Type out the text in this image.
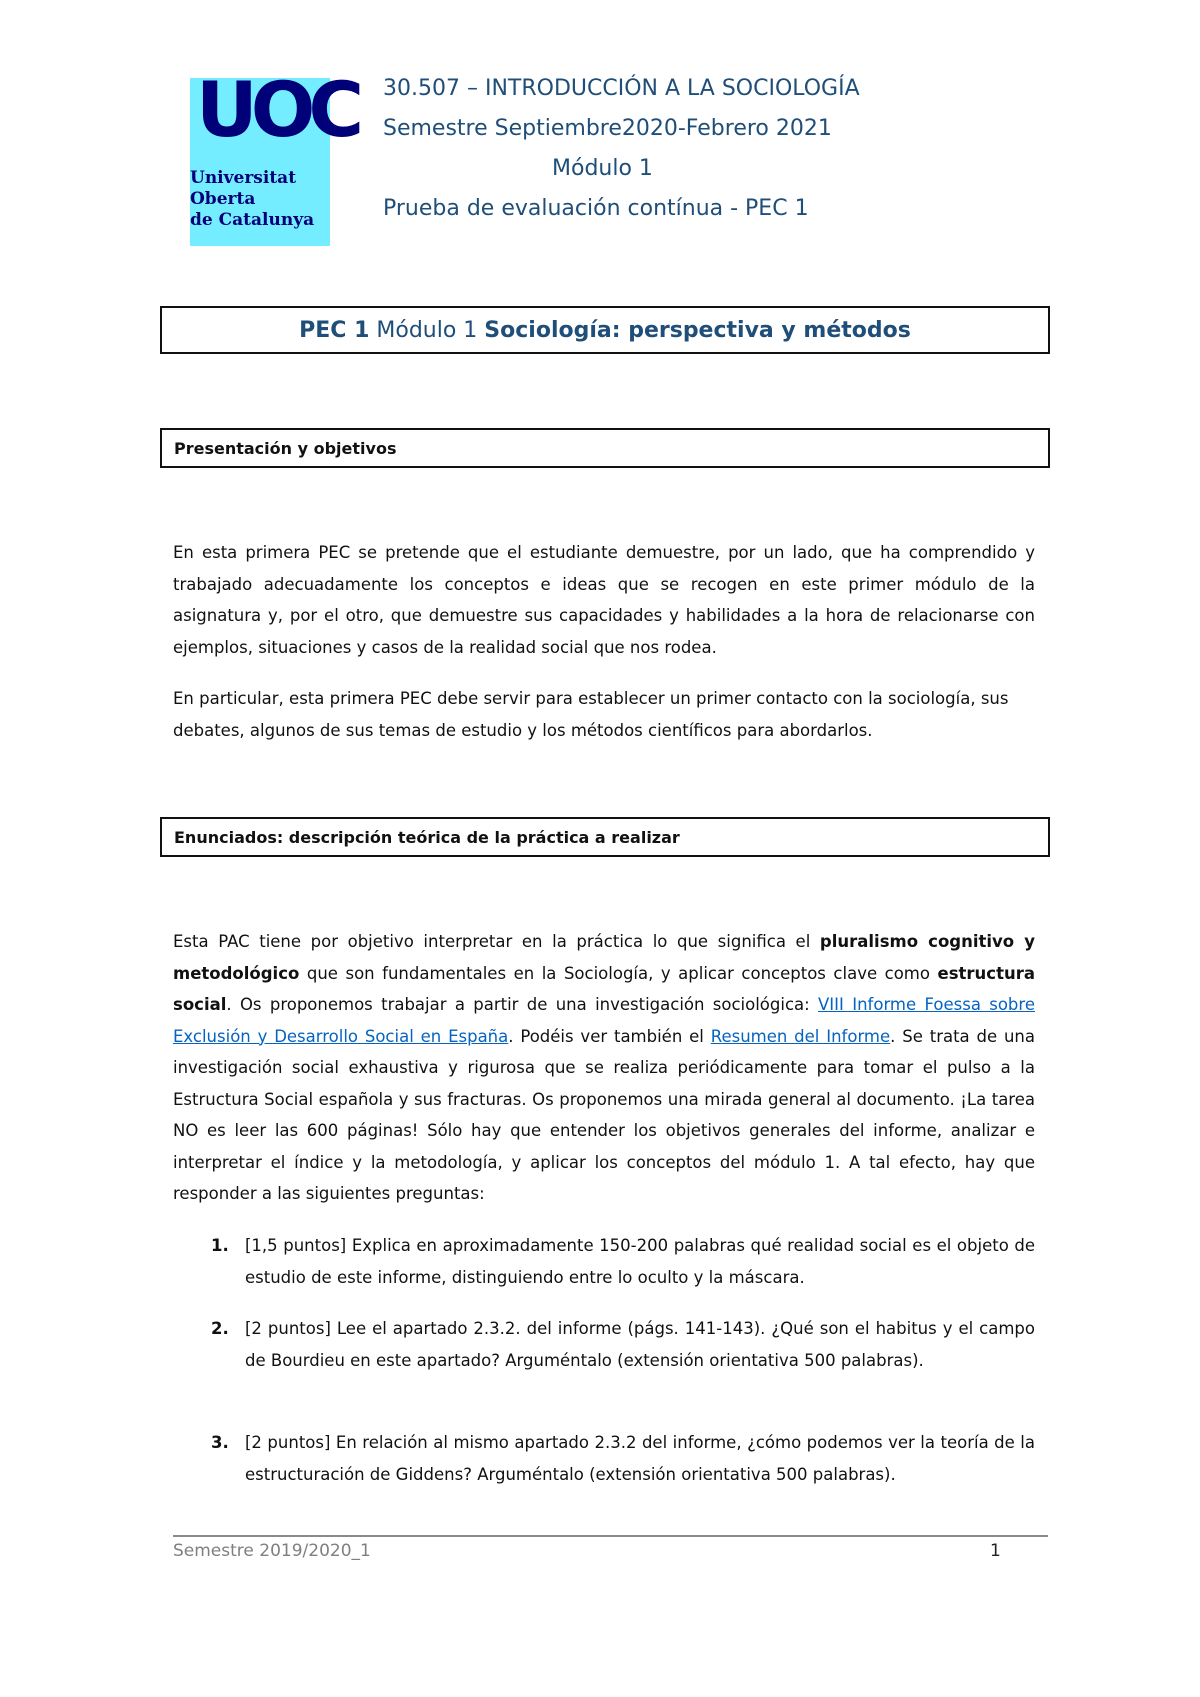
UOC
Universitat
Oberta
de Catalunya
30.507 – INTRODUCCIÓN A LA SOCIOLOGÍA
Semestre Septiembre2020-Febrero 2021
Módulo 1
Prueba de evaluación contínua - PEC 1
PEC 1 Módulo 1 Sociología: perspectiva y métodos
Presentación y objetivos
En esta primera PEC se pretende que el estudiante demuestre, por un lado, que ha comprendido y trabajado adecuadamente los conceptos e ideas que se recogen en este primer módulo de la asignatura y, por el otro, que demuestre sus capacidades y habilidades a la hora de relacionarse con ejemplos, situaciones y casos de la realidad social que nos rodea.
En particular, esta primera PEC debe servir para establecer un primer contacto con la sociología, sus debates, algunos de sus temas de estudio y los métodos científicos para abordarlos.
Enunciados: descripción teórica de la práctica a realizar
Esta PAC tiene por objetivo interpretar en la práctica lo que significa el pluralismo cognitivo y metodológico que son fundamentales en la Sociología, y aplicar conceptos clave como estructura social. Os proponemos trabajar a partir de una investigación sociológica: VIII Informe Foessa sobre Exclusión y Desarrollo Social en España. Podéis ver también el Resumen del Informe. Se trata de una investigación social exhaustiva y rigurosa que se realiza periódicamente para tomar el pulso a la Estructura Social española y sus fracturas. Os proponemos una mirada general al documento. ¡La tarea NO es leer las 600 páginas! Sólo hay que entender los objetivos generales del informe, analizar e interpretar el índice y la metodología, y aplicar los conceptos del módulo 1. A tal efecto, hay que responder a las siguientes preguntas:
1. [1,5 puntos] Explica en aproximadamente 150-200 palabras qué realidad social es el objeto de estudio de este informe, distinguiendo entre lo oculto y la máscara.
2. [2 puntos] Lee el apartado 2.3.2. del informe (págs. 141-143). ¿Qué son el habitus y el campo de Bourdieu en este apartado? Arguméntalo (extensión orientativa 500 palabras).
3. [2 puntos] En relación al mismo apartado 2.3.2 del informe, ¿cómo podemos ver la teoría de la estructuración de Giddens? Arguméntalo (extensión orientativa 500 palabras).
Semestre 2019/2020_1	1
